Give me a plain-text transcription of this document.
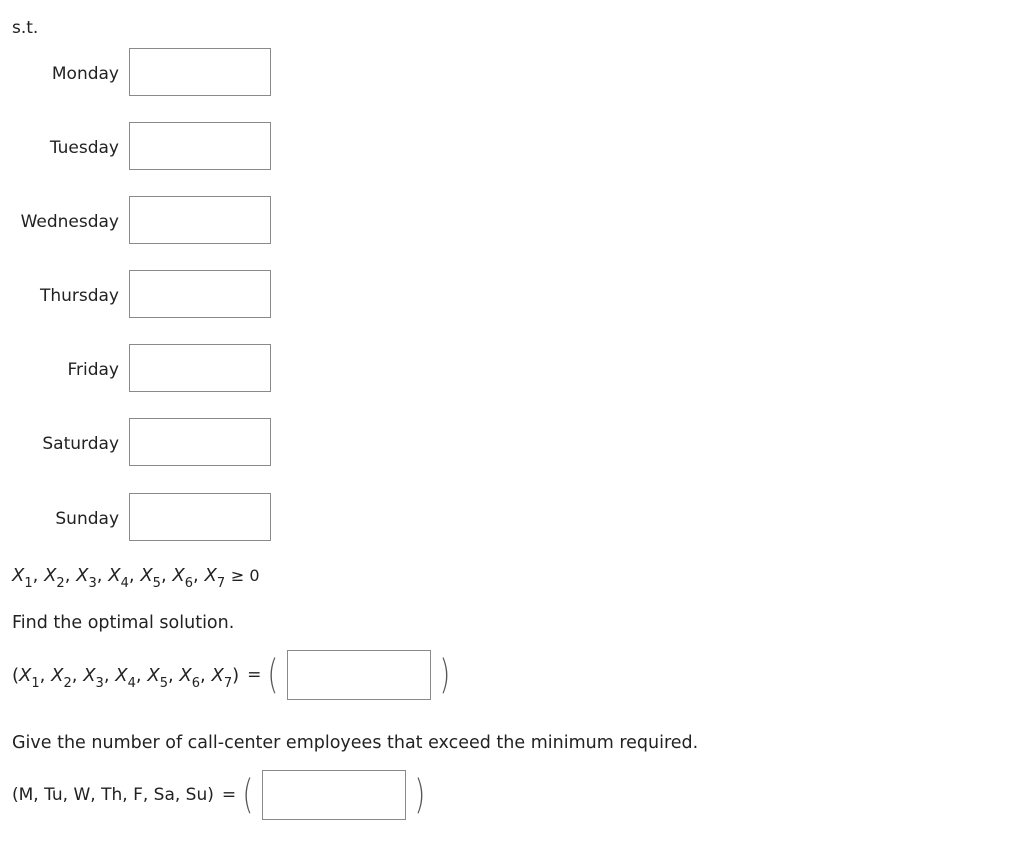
s.t.
Monday
Tuesday
Wednesday
Thursday
Friday
Saturday
Sunday
$X_1$, $X_2$, $X_3$, $X_4$, $X_5$, $X_6$, $X_7 \ge 0$
Find the optimal solution.
($X_1$, $X_2$, $X_3$, $X_4$, $X_5$, $X_6$, $X_7$) = (	)
Give the number of call-center employees that exceed the minimum required.
(M, Tu, W, Th, F, Sa, Su) = (	)
